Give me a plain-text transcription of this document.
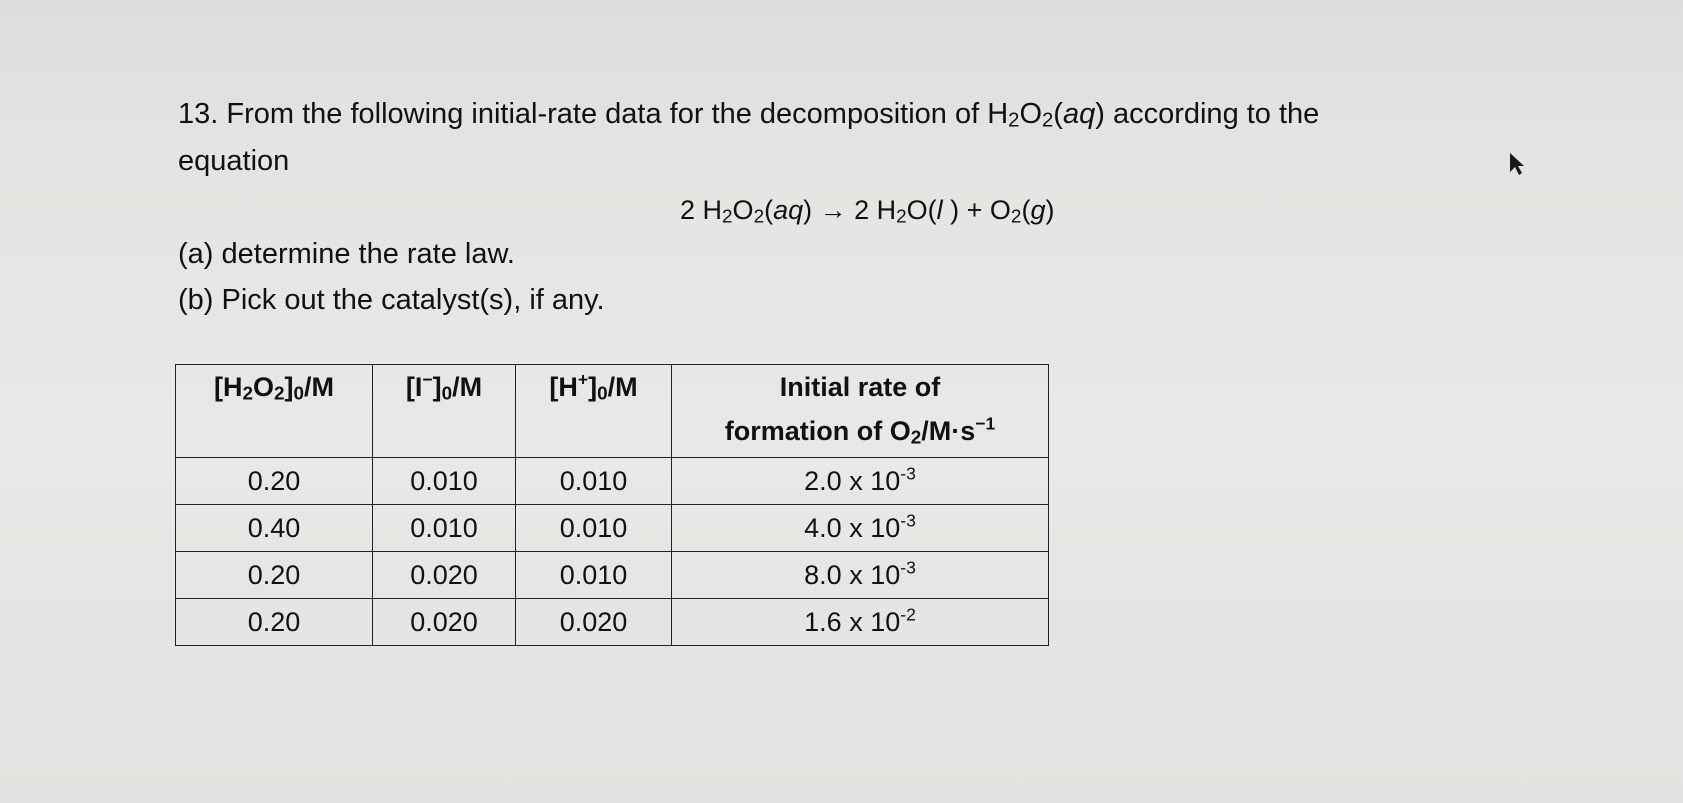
13. From the following initial-rate data for the decomposition of $H_2O_2(aq)$ according to the
equation
2 $H_2O_2(aq) \to 2$ $H_2O(l$ ) + $O_2(g)$
(a) determine the rate law.
(b) Pick out the catalyst(s), if any.
$[H_2O_2]_0/M$	$[I^-]_0/M$	$[H^+]_0/M$	Initial rate of
formation of $O_2/M\cdot s^{-1}$
0.20	0.010	0.010	2.0 x $10^{-3}$
0.40	0.010	0.010	4.0 x $10^{-3}$
0.20	0.020	0.010	8.0 x $10^{-3}$
0.20	0.020	0.020	1.6 x $10^{-2}$
